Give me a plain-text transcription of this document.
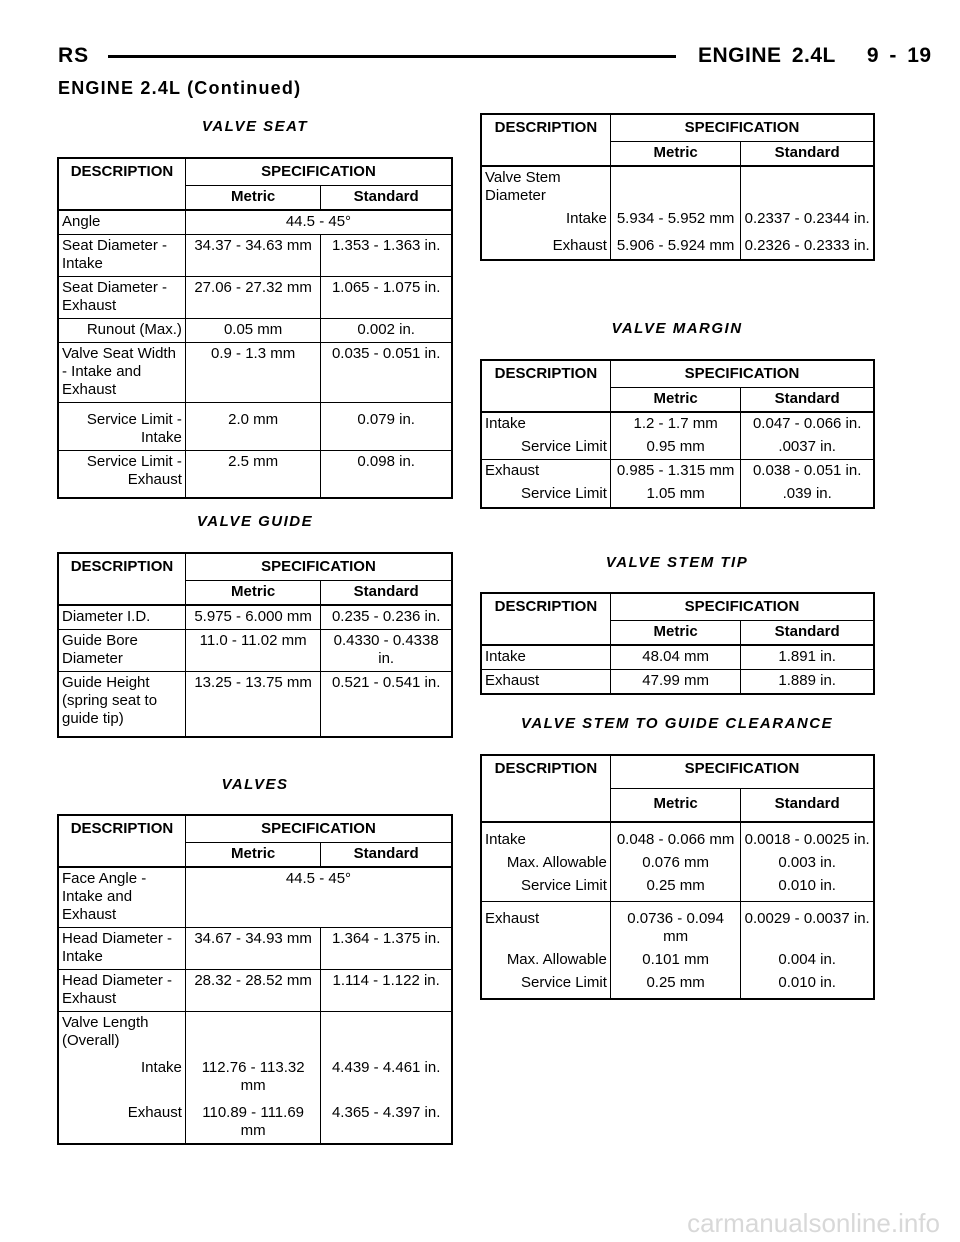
RS	ENGINE 2.4L 9 - 19
ENGINE 2.4L (Continued)
VALVE SEAT
DESCRIPTION	SPECIFICATION	
	Metric	Standard
Angle	44.5 - 45°	
Seat Diameter - Intake	34.37 - 34.63 mm	1.353 - 1.363 in.
Seat Diameter - Exhaust	27.06 - 27.32 mm	1.065 - 1.075 in.
Runout (Max.)	0.05 mm	0.002 in.
Valve Seat Width - Intake and Exhaust	0.9 - 1.3 mm	0.035 - 0.051 in.
Service Limit - Intake	2.0 mm	0.079 in.
Service Limit - Exhaust	2.5 mm	0.098 in.
VALVE GUIDE
DESCRIPTION	SPECIFICATION	
	Metric	Standard
Diameter I.D.	5.975 - 6.000 mm	0.235 - 0.236 in.
Guide Bore Diameter	11.0 - 11.02 mm	0.4330 - 0.4338 in.
Guide Height (spring seat to guide tip)	13.25 - 13.75 mm	0.521 - 0.541 in.
VALVES
DESCRIPTION	SPECIFICATION	
	Metric	Standard
Face Angle - Intake and Exhaust	44.5 - 45°	
Head Diameter - Intake	34.67 - 34.93 mm	1.364 - 1.375 in.
Head Diameter - Exhaust	28.32 - 28.52 mm	1.114 - 1.122 in.
Valve Length (Overall)		
Intake	112.76 - 113.32 mm	4.439 - 4.461 in.
Exhaust	110.89 - 111.69 mm	4.365 - 4.397 in.
DESCRIPTION	SPECIFICATION	
	Metric	Standard
Valve Stem Diameter		
Intake	5.934 - 5.952 mm	0.2337 - 0.2344 in.
Exhaust	5.906 - 5.924 mm	0.2326 - 0.2333 in.
VALVE MARGIN
DESCRIPTION	SPECIFICATION	
	Metric	Standard
Intake	1.2 - 1.7 mm	0.047 - 0.066 in.
Service Limit	0.95 mm	.0037 in.
Exhaust	0.985 - 1.315 mm	0.038 - 0.051 in.
Service Limit	1.05 mm	.039 in.
VALVE STEM TIP
DESCRIPTION	SPECIFICATION	
	Metric	Standard
Intake	48.04 mm	1.891 in.
Exhaust	47.99 mm	1.889 in.
VALVE STEM TO GUIDE CLEARANCE
DESCRIPTION	SPECIFICATION	
	Metric	Standard
Intake	0.048 - 0.066 mm	0.0018 - 0.0025 in.
Max. Allowable	0.076 mm	0.003 in.
Service Limit	0.25 mm	0.010 in.
Exhaust	0.0736 - 0.094 mm	0.0029 - 0.0037 in.
Max. Allowable	0.101 mm	0.004 in.
Service Limit	0.25 mm	0.010 in.
carmanualsonline.info
